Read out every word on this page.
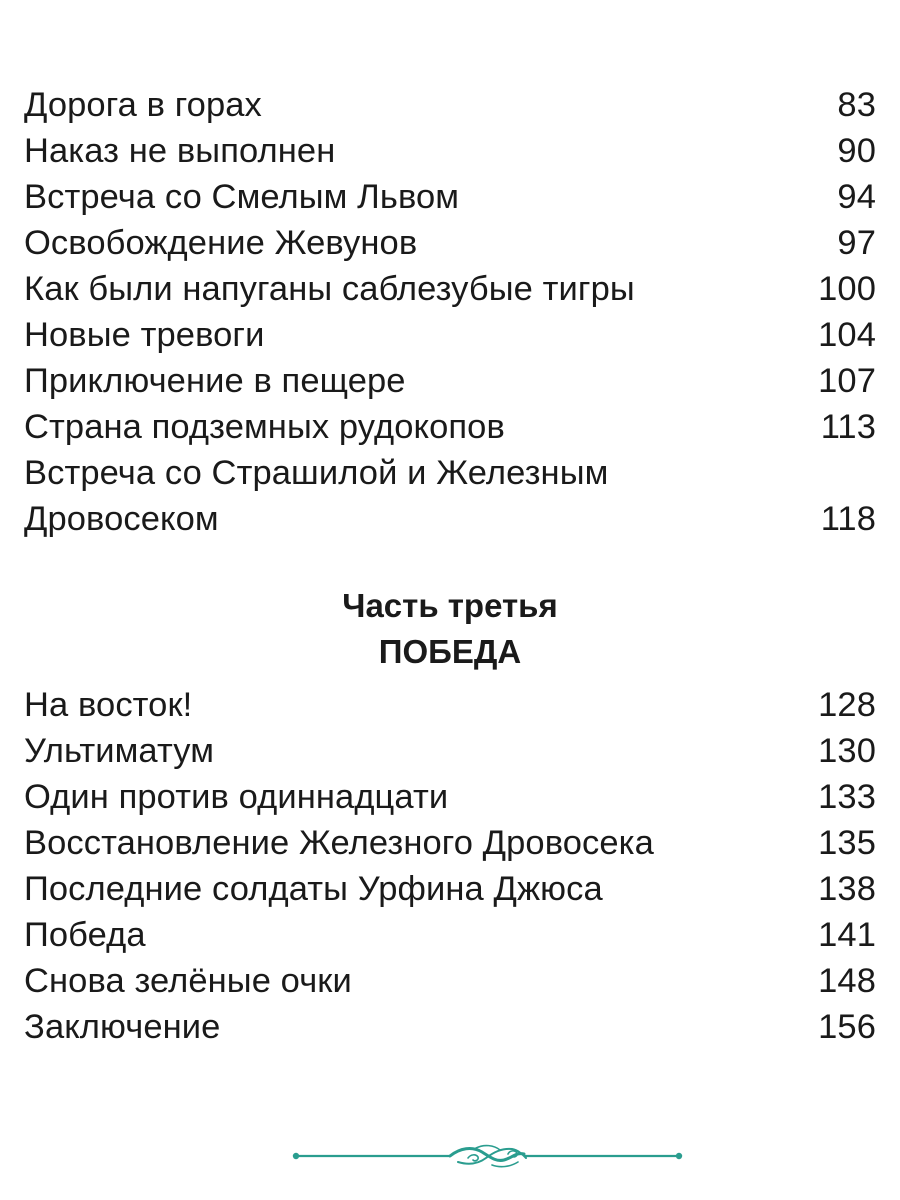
Дорога в горах	83
Наказ не выполнен	90
Встреча со Смелым Львом	94
Освобождение Жевунов	97
Как были напуганы саблезубые тигры	100
Новые тревоги	104
Приключение в пещере	107
Страна подземных рудокопов	113
Встреча со Страшилой и Железным
Дровосеком	118
Часть третья
ПОБЕДА
На восток!	128
Ультиматум	130
Один против одиннадцати	133
Восстановление Железного Дровосека	135
Последние солдаты Урфина Джюса	138
Победа	141
Снова зелёные очки	148
Заключение	156
